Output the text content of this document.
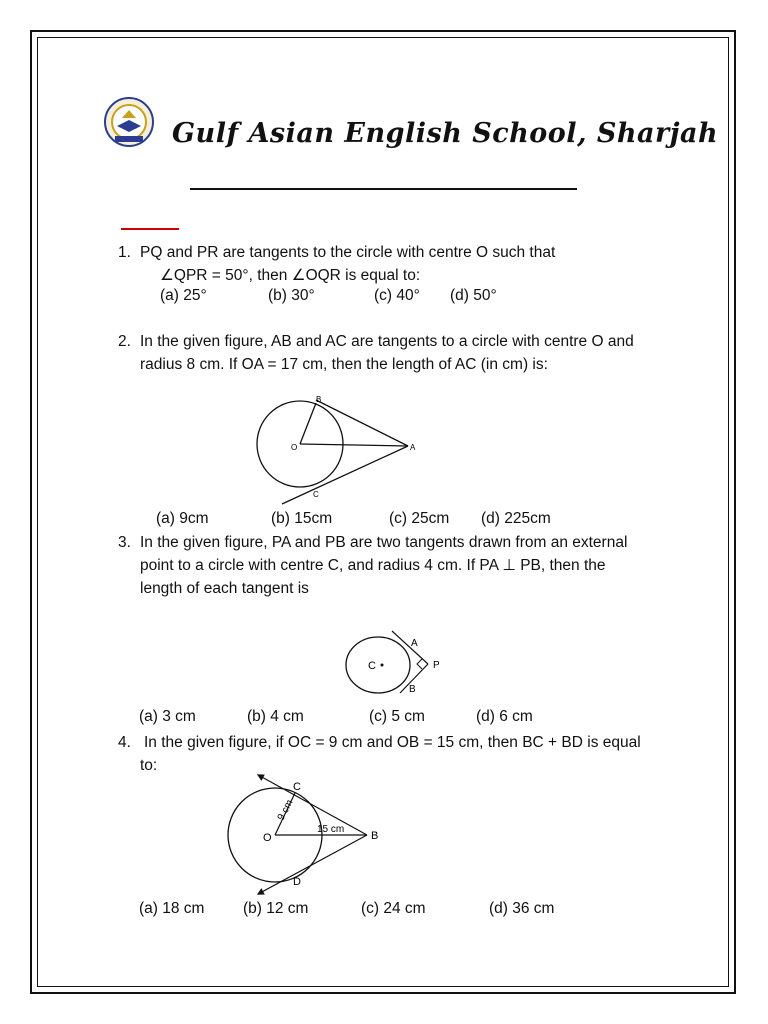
Gulf Asian English School, Sharjah
1. PQ and PR are tangents to the circle with centre O such that
∠QPR = 50°, then ∠OQR is equal to:
(a) 25°	(b) 30°	(c) 40° (d) 50°
2. In the given figure, AB and AC are tangents to a circle with centre O and
radius 8 cm. If OA = 17 cm, then the length of AC (in cm) is:
B
O	A
C
(a) 9cm	(b) 15cm	(c) 25cm (d) 225cm
3. In the given figure, PA and PB are two tangents drawn from an external
point to a circle with centre C, and radius 4 cm. If PA ⊥ PB, then the
length of each tangent is
A
C	P
B
(a) 3 cm	(b) 4 cm	(c) 5 cm	(d) 6 cm
4. In the given figure, if OC = 9 cm and OB = 15 cm, then BC + BD is equal
to:
C
O	B
D
9 cm
15 cm
(a) 18 cm (b) 12 cm	(c) 24 cm	(d) 36 cm
